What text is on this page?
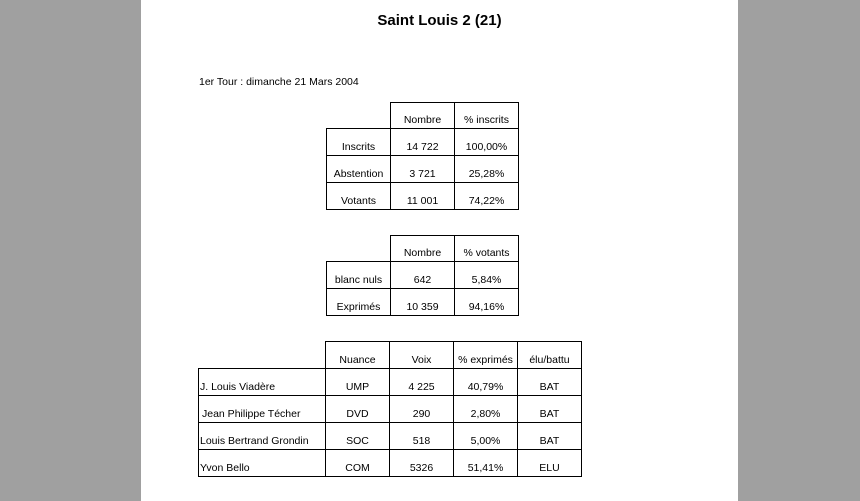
Saint Louis 2 (21)
1er Tour : dimanche 21 Mars 2004
	Nombre	% inscrits
Inscrits	14 722	100,00%
Abstention	3 721	25,28%
Votants	11 001	74,22%
	Nombre	% votants
blanc nuls	642	5,84%
Exprimés	10 359	94,16%
	Nuance	Voix	% exprimés	élu/battu
J. Louis Viadère	UMP	4 225	40,79%	BAT
Jean Philippe Técher	DVD	290	2,80%	BAT
Louis Bertrand Grondin	SOC	518	5,00%	BAT
Yvon Bello	COM	5326	51,41%	ELU
